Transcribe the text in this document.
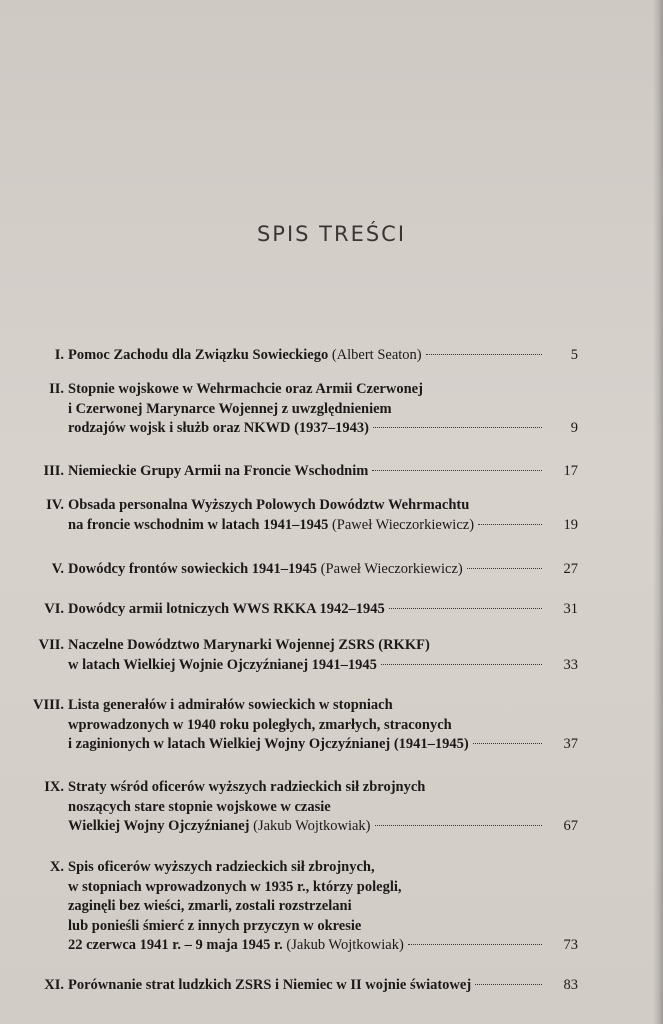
SPIS TREŚCI
I. Pomoc Zachodu dla Związku Sowieckiego (Albert Seaton)	5
II. Stopnie wojskowe w Wehrmachcie oraz Armii Czerwonej
i Czerwonej Marynarce Wojennej z uwzględnieniem
rodzajów wojsk i służb oraz NKWD (1937–1943)	9
III. Niemieckie Grupy Armii na Froncie Wschodnim	17
IV. Obsada personalna Wyższych Polowych Dowództw Wehrmachtu
na froncie wschodnim w latach 1941–1945 (Paweł Wieczorkiewicz)	19
V. Dowódcy frontów sowieckich 1941–1945 (Paweł Wieczorkiewicz)	27
VI. Dowódcy armii lotniczych WWS RKKA 1942–1945	31
VII. Naczelne Dowództwo Marynarki Wojennej ZSRS (RKKF)
w latach Wielkiej Wojnie Ojczyźnianej 1941–1945	33
VIII. Lista generałów i admirałów sowieckich w stopniach
wprowadzonych w 1940 roku poległych, zmarłych, straconych
i zaginionych w latach Wielkiej Wojny Ojczyźnianej (1941–1945)	37
IX. Straty wśród oficerów wyższych radzieckich sił zbrojnych
noszących stare stopnie wojskowe w czasie
Wielkiej Wojny Ojczyźnianej (Jakub Wojtkowiak)	67
X. Spis oficerów wyższych radzieckich sił zbrojnych,
w stopniach wprowadzonych w 1935 r., którzy polegli,
zaginęli bez wieści, zmarli, zostali rozstrzelani
lub ponieśli śmierć z innych przyczyn w okresie
22 czerwca 1941 r. – 9 maja 1945 r. (Jakub Wojtkowiak)	73
XI. Porównanie strat ludzkich ZSRS i Niemiec w II wojnie światowej	83
